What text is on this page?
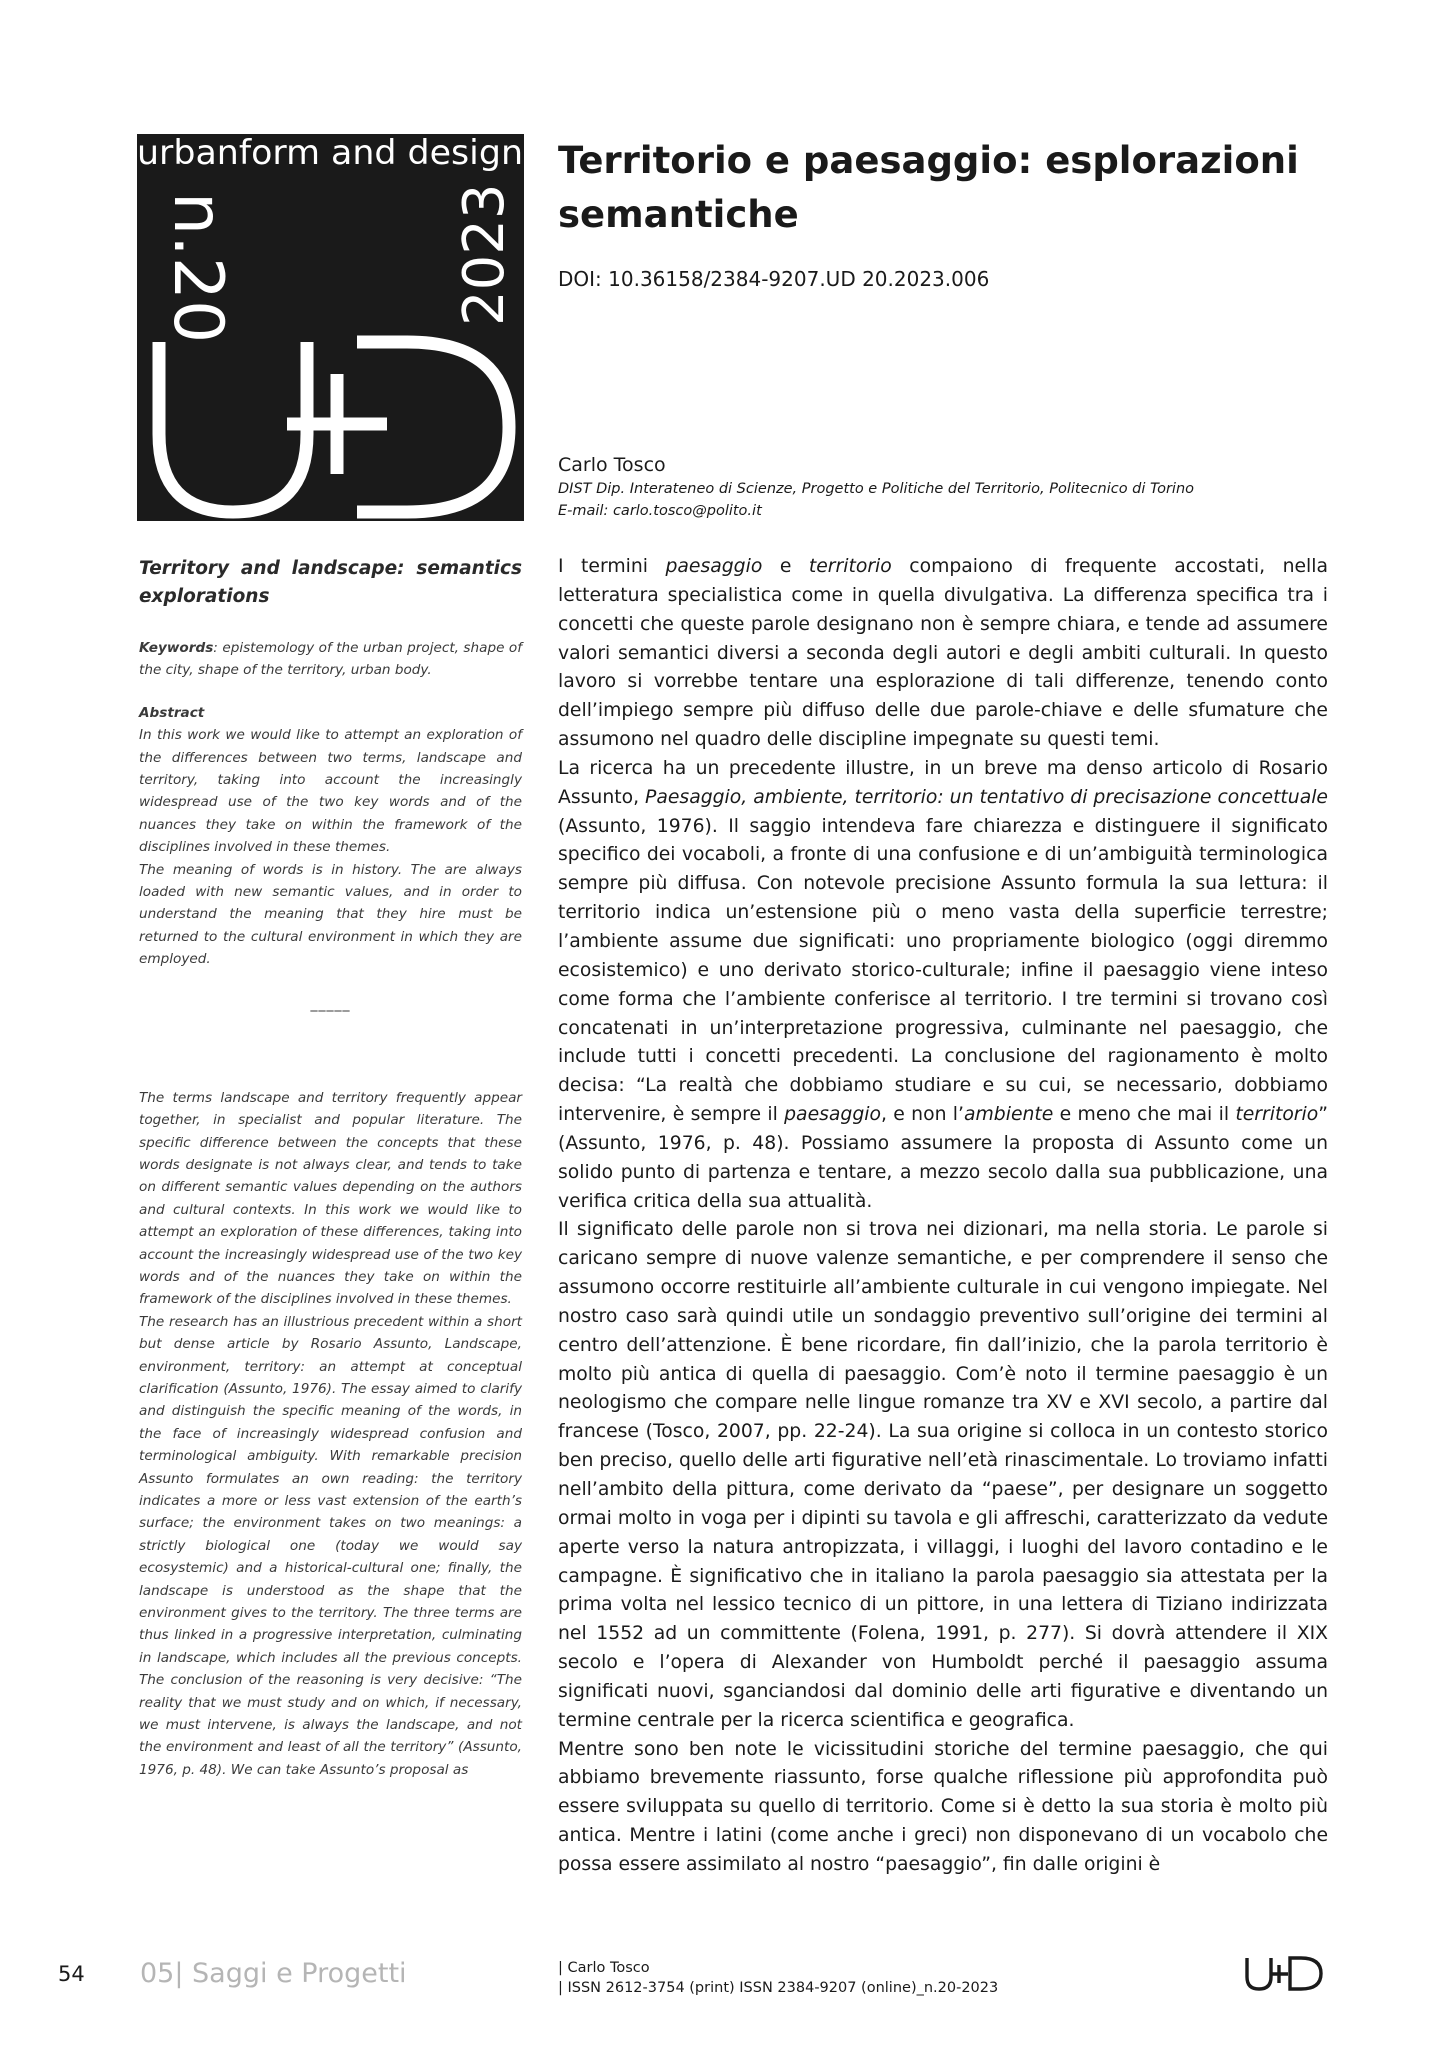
urbanform and design
n.20	2023
Territorio e paesaggio: esplorazioni semantiche
DOI: 10.36158/2384-9207.UD 20.2023.006
Carlo Tosco
DIST Dip. Interateneo di Scienze, Progetto e Politiche del Territorio, Politecnico di Torino
E-mail: carlo.tosco@polito.it

Territory and landscape: semantics explorations

Keywords: epistemology of the urban project, shape of the city, shape of the territory, urban body.

Abstract

In this work we would like to attempt an exploration of the differences between two terms, landscape and territory, taking into account the increasingly widespread use of the two key words and of the nuances they take on within the framework of the disciplines involved in these themes.

The meaning of words is in history. The are always loaded with new semantic values, and in order to understand the meaning that they hire must be returned to the cultural environment in which they are employed.

_____

The terms landscape and territory frequently appear together, in specialist and popular literature. The specific difference between the concepts that these words designate is not always clear, and tends to take on different semantic values depending on the authors and cultural contexts. In this work we would like to attempt an exploration of these differences, taking into account the increasingly widespread use of the two key words and of the nuances they take on within the framework of the disciplines involved in these themes.

The research has an illustrious precedent within a short but dense article by Rosario Assunto, Landscape, environment, territory: an attempt at conceptual clarification (Assunto, 1976). The essay aimed to clarify and distinguish the specific meaning of the words, in the face of increasingly widespread confusion and terminological ambiguity. With remarkable precision Assunto formulates an own reading: the territory indicates a more or less vast extension of the earth’s surface; the environment takes on two meanings: a strictly biological one (today we would say ecosystemic) and a historical-cultural one; finally, the landscape is understood as the shape that the environment gives to the territory. The three terms are thus linked in a progressive interpretation, culminating in landscape, which includes all the previous concepts. The conclusion of the reasoning is very decisive: “The reality that we must study and on which, if necessary, we must intervene, is always the landscape, and not the environment and least of all the territory” (Assunto, 1976, p. 48). We can take Assunto’s proposal as

I termini paesaggio e territorio compaiono di frequente accostati, nella letteratura specialistica come in quella divulgativa. La differenza specifica tra i concetti che queste parole designano non è sempre chiara, e tende ad assumere valori semantici diversi a seconda degli autori e degli ambiti culturali. In questo lavoro si vorrebbe tentare una esplorazione di tali differenze, tenendo conto dell’impiego sempre più diffuso delle due parole-chiave e delle sfumature che assumono nel quadro delle discipline impegnate su questi temi.

La ricerca ha un precedente illustre, in un breve ma denso articolo di Rosario Assunto, Paesaggio, ambiente, territorio: un tentativo di precisazione concettuale (Assunto, 1976). Il saggio intendeva fare chiarezza e distinguere il significato specifico dei vocaboli, a fronte di una confusione e di un’ambiguità terminologica sempre più diffusa. Con notevole precisione Assunto formula la sua lettura: il territorio indica un’estensione più o meno vasta della superficie terrestre; l’ambiente assume due significati: uno propriamente biologico (oggi diremmo ecosistemico) e uno derivato storico-culturale; infine il paesaggio viene inteso come forma che l’ambiente conferisce al territorio. I tre termini si trovano così concatenati in un’interpretazione progressiva, culminante nel paesaggio, che include tutti i concetti precedenti. La conclusione del ragionamento è molto decisa: “La realtà che dobbiamo studiare e su cui, se necessario, dobbiamo intervenire, è sempre il paesaggio, e non l’ambiente e meno che mai il territorio” (Assunto, 1976, p. 48). Possiamo assumere la proposta di Assunto come un solido punto di partenza e tentare, a mezzo secolo dalla sua pubblicazione, una verifica critica della sua attualità.

Il significato delle parole non si trova nei dizionari, ma nella storia. Le parole si caricano sempre di nuove valenze semantiche, e per comprendere il senso che assumono occorre restituirle all’ambiente culturale in cui vengono impiegate. Nel nostro caso sarà quindi utile un sondaggio preventivo sull’origine dei termini al centro dell’attenzione. È bene ricordare, fin dall’inizio, che la parola territorio è molto più antica di quella di paesaggio. Com’è noto il termine paesaggio è un neologismo che compare nelle lingue romanze tra XV e XVI secolo, a partire dal francese (Tosco, 2007, pp. 22-24). La sua origine si colloca in un contesto storico ben preciso, quello delle arti figurative nell’età rinascimentale. Lo troviamo infatti nell’ambito della pittura, come derivato da “paese”, per designare un soggetto ormai molto in voga per i dipinti su tavola e gli affreschi, caratterizzato da vedute aperte verso la natura antropizzata, i villaggi, i luoghi del lavoro contadino e le campagne. È significativo che in italiano la parola paesaggio sia attestata per la prima volta nel lessico tecnico di un pittore, in una lettera di Tiziano indirizzata nel 1552 ad un committente (Folena, 1991, p. 277). Si dovrà attendere il XIX secolo e l’opera di Alexander von Humboldt perché il paesaggio assuma significati nuovi, sganciandosi dal dominio delle arti figurative e diventando un termine centrale per la ricerca scientifica e geografica.

Mentre sono ben note le vicissitudini storiche del termine paesaggio, che qui abbiamo brevemente riassunto, forse qualche riflessione più approfondita può essere sviluppata su quello di territorio. Come si è detto la sua storia è molto più antica. Mentre i latini (come anche i greci) non disponevano di un vocabolo che possa essere assimilato al nostro “paesaggio”, fin dalle origini è

54 05| Saggi e Progetti	| Carlo Tosco
| ISSN 2612-3754 (print) ISSN 2384-9207 (online)_n.20-2023
